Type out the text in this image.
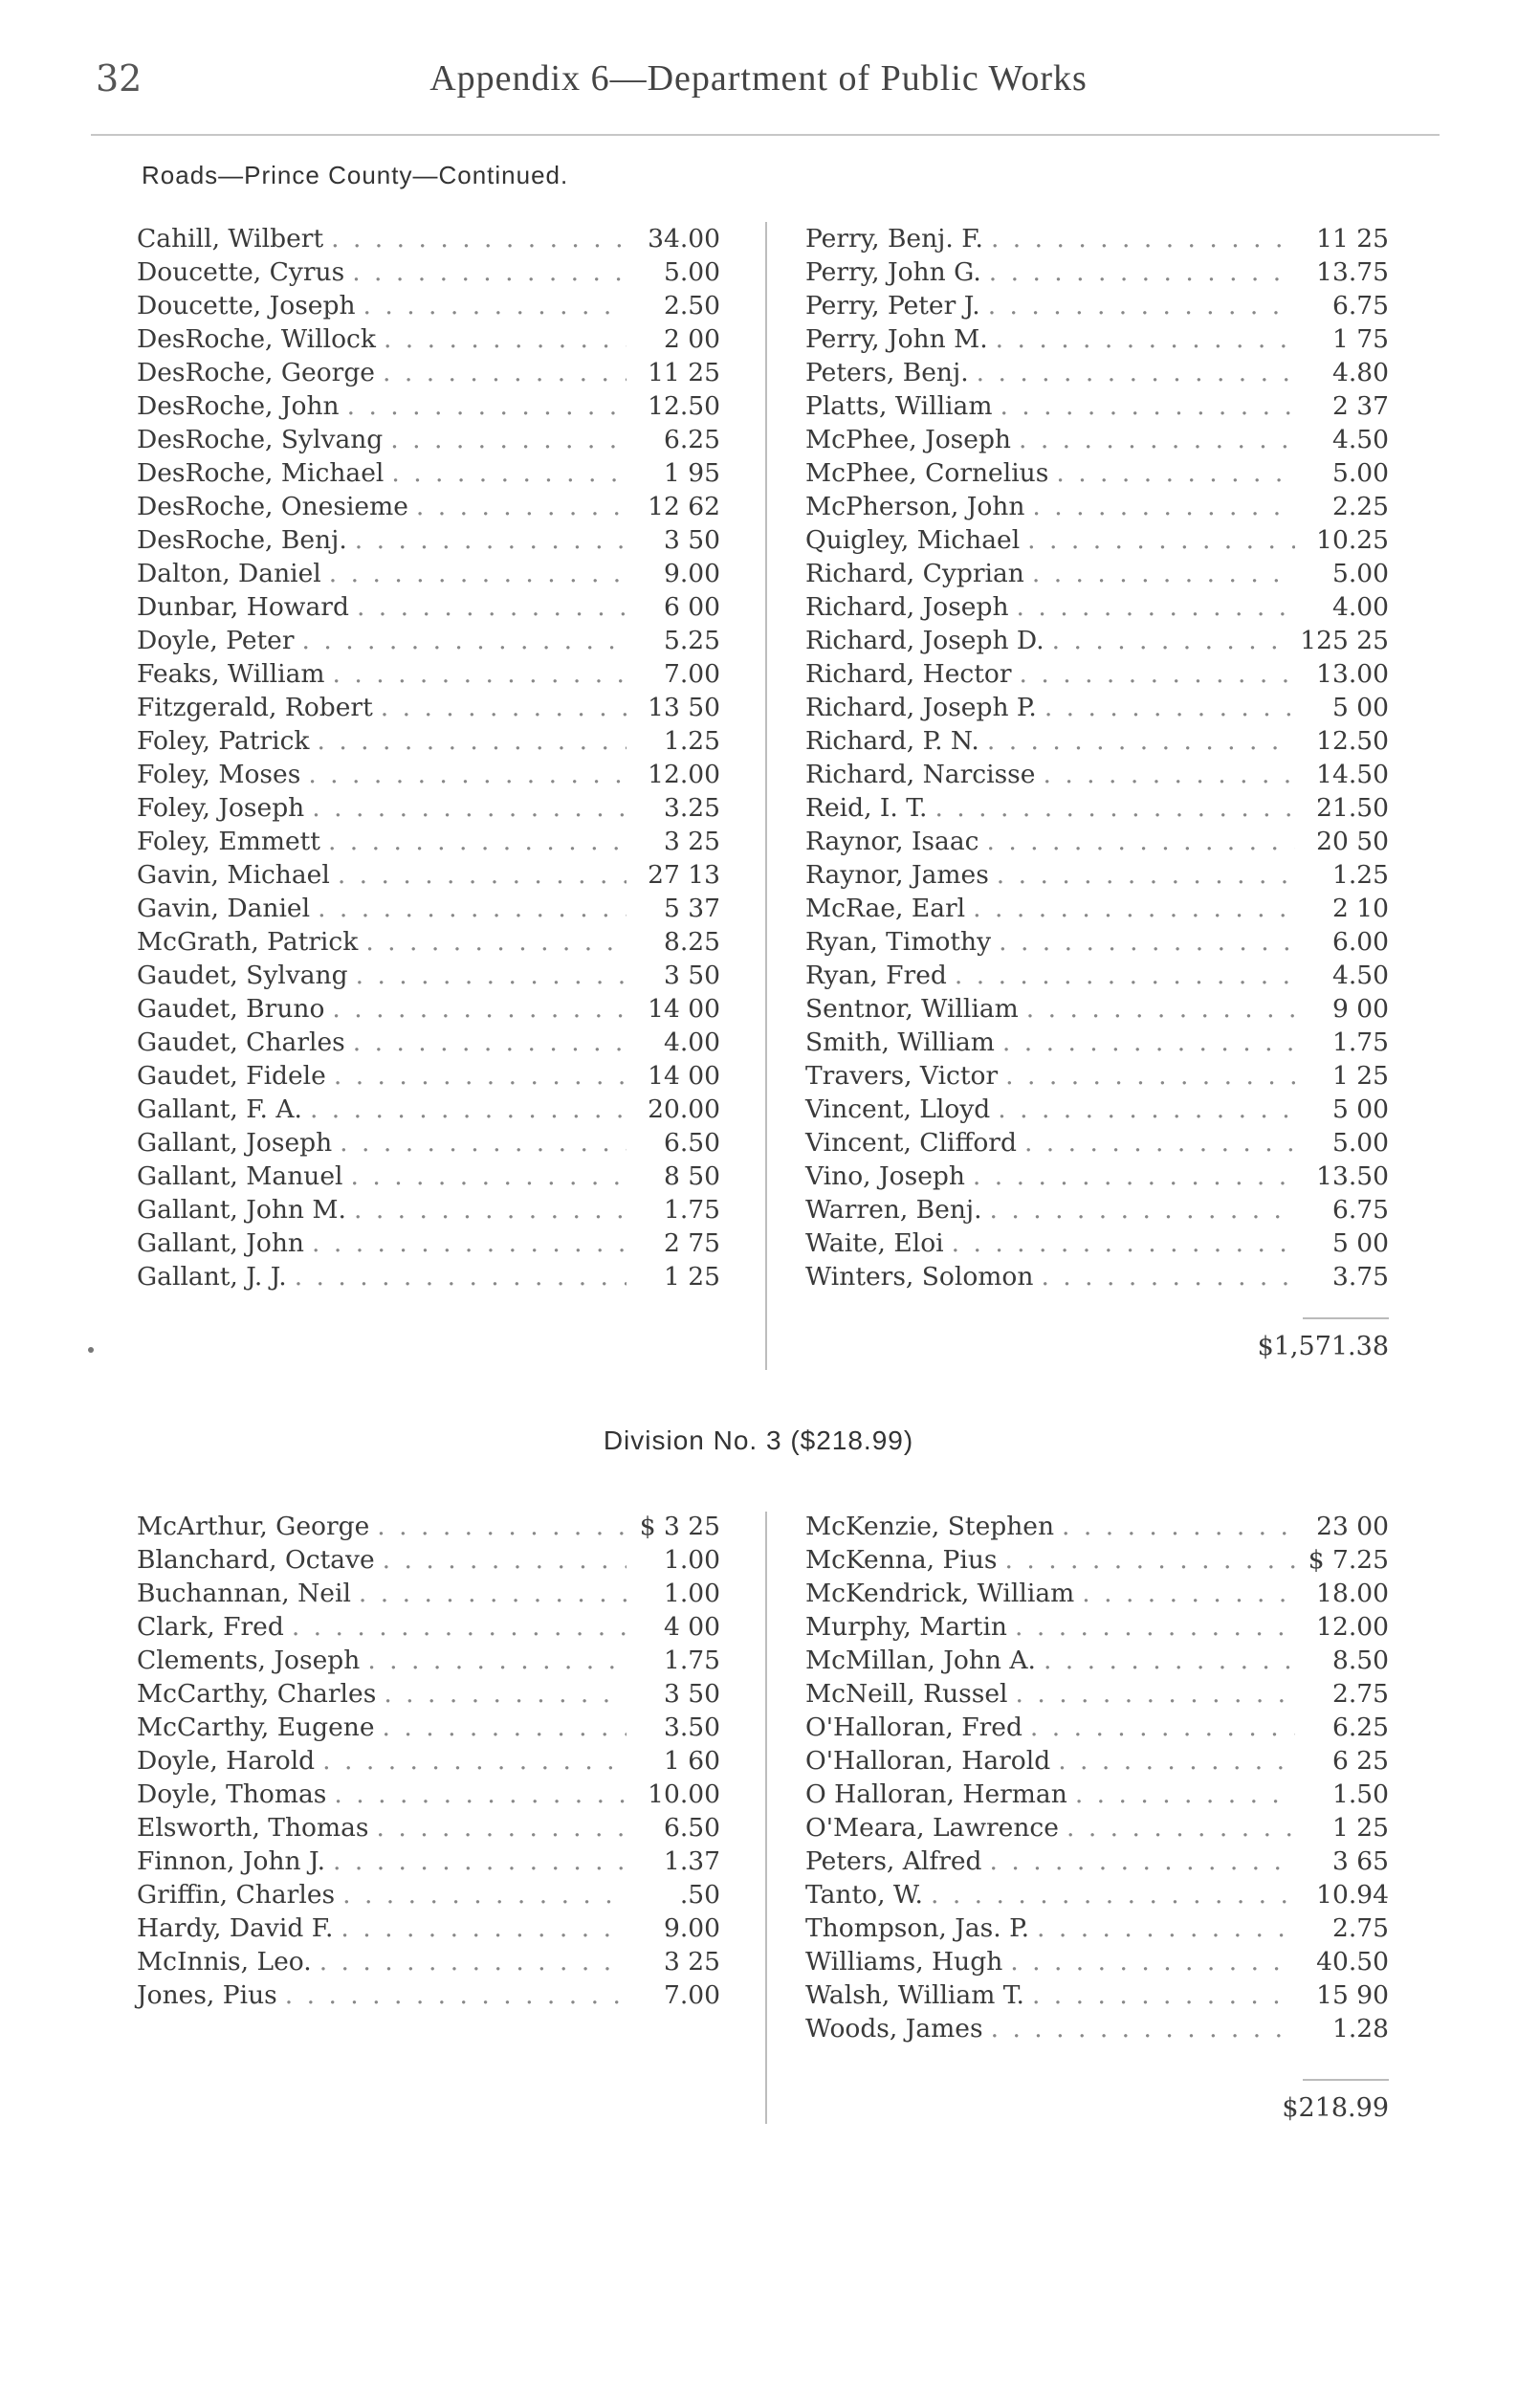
32	Appendix 6—Department of Public Works
Roads—Prince County—Continued.
Cahill, Wilbert . . .	34.00
Doucette, Cyrus . . .	5.00
Doucette, Joseph . . .	2.50
DesRoche, Willock . . .	2 00
DesRoche, George . . .	11 25
DesRoche, John . . .	12.50
DesRoche, Sylvang . . .	6.25
DesRoche, Michael . . .	1 95
DesRoche, Onesieme . . .	12 62
DesRoche, Benj. . . .	3 50
Dalton, Daniel . . .	9.00
Dunbar, Howard . . .	6 00
Doyle, Peter . . .	5.25
Feaks, William . . .	7.00
Fitzgerald, Robert . . .	13 50
Foley, Patrick . . .	1.25
Foley, Moses . . .	12.00
Foley, Joseph . . .	3.25
Foley, Emmett . . .	3 25
Gavin, Michael . . .	27 13
Gavin, Daniel . . .	5 37
McGrath, Patrick . . .	8.25
Gaudet, Sylvang . . .	3 50
Gaudet, Bruno . . .	14 00
Gaudet, Charles . . .	4.00
Gaudet, Fidele . . .	14 00
Gallant, F. A. . . .	20.00
Gallant, Joseph . . .	6.50
Gallant, Manuel . . .	8 50
Gallant, John M. . . .	1.75
Gallant, John . . .	2 75
Gallant, J. J. . . .	1 25
Perry, Benj. F. . . .	11 25
Perry, John G. . . .	13.75
Perry, Peter J. . . .	6.75
Perry, John M. . . .	1 75
Peters, Benj. . . .	4.80
Platts, William . . .	2 37
McPhee, Joseph . . .	4.50
McPhee, Cornelius . . .	5.00
McPherson, John . . .	2.25
Quigley, Michael . . .	10.25
Richard, Cyprian . . .	5.00
Richard, Joseph . . .	4.00
Richard, Joseph D. . . .	125 25
Richard, Hector . . .	13.00
Richard, Joseph P. . . .	5 00
Richard, P. N. . . .	12.50
Richard, Narcisse . . .	14.50
Reid, I. T. . . .	21.50
Raynor, Isaac . . .	20 50
Raynor, James . . .	1.25
McRae, Earl . . .	2 10
Ryan, Timothy . . .	6.00
Ryan, Fred . . .	4.50
Sentnor, William . . .	9 00
Smith, William . . .	1.75
Travers, Victor . . .	1 25
Vincent, Lloyd . . .	5 00
Vincent, Clifford . . .	5.00
Vino, Joseph . . .	13.50
Warren, Benj. . . .	6.75
Waite, Eloi . . .	5 00
Winters, Solomon . . .	3.75
$1,571.38
Division No. 3 ($218.99)
McArthur, George . . .	$ 3 25
Blanchard, Octave . . .	1.00
Buchannan, Neil . . .	1.00
Clark, Fred . . .	4 00
Clements, Joseph . . .	1.75
McCarthy, Charles . . .	3 50
McCarthy, Eugene . . .	3.50
Doyle, Harold . . .	1 60
Doyle, Thomas . . .	10.00
Elsworth, Thomas . . .	6.50
Finnon, John J. . . .	1.37
Griffin, Charles . . .	.50
Hardy, David F. . . .	9.00
McInnis, Leo. . . .	3 25
Jones, Pius . . .	7.00
McKenzie, Stephen . . .	23 00
McKenna, Pius . . .	$ 7.25
McKendrick, William . . .	18.00
Murphy, Martin . . .	12.00
McMillan, John A. . . .	8.50
McNeill, Russel . . .	2.75
O'Halloran, Fred . . .	6.25
O'Halloran, Harold . . .	6 25
O Halloran, Herman . . .	1.50
O'Meara, Lawrence . . .	1 25
Peters, Alfred . . .	3 65
Tanto, W. . . .	10.94
Thompson, Jas. P. . . .	2.75
Williams, Hugh . . .	40.50
Walsh, William T. . . .	15 90
Woods, James . . .	1.28
$218.99
